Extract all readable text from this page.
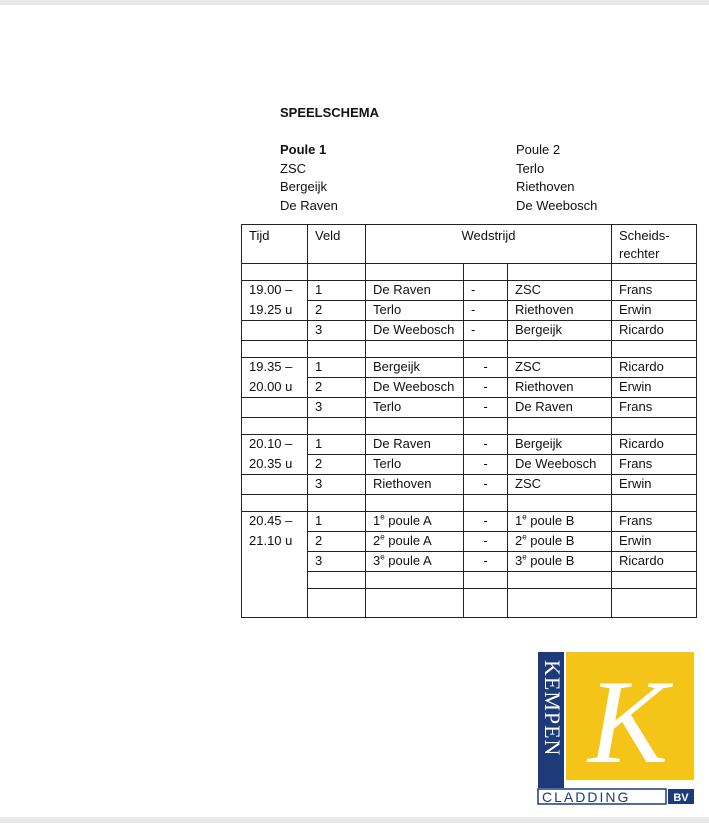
SPEELSCHEMA
Poule 1
ZSC
Bergeijk
De Raven
Poule 2
Terlo
Riethoven
De Weebosch
Tijd	Veld	Wedstrijd			Scheids-
rechter

19.00 –	1	De Raven	-	ZSC	Frans
19.25 u	2	Terlo	-	Riethoven	Erwin
	3	De Weebosch	-	Bergeijk	Ricardo

19.35 –	1	Bergeijk	-	ZSC	Ricardo
20.00 u	2	De Weebosch	-	Riethoven	Erwin
	3	Terlo	-	De Raven	Frans

20.10 –	1	De Raven	-	Bergeijk	Ricardo
20.35 u	2	Terlo	-	De Weebosch	Frans
	3	Riethoven	-	ZSC	Erwin

20.45 –	1	1e poule A	-	1e poule B	Frans
21.10 u	2	2e poule A	-	2e poule B	Erwin
	3	3e poule A	-	3e poule B	Ricardo

KEMPEN K
CLADDING	BV
